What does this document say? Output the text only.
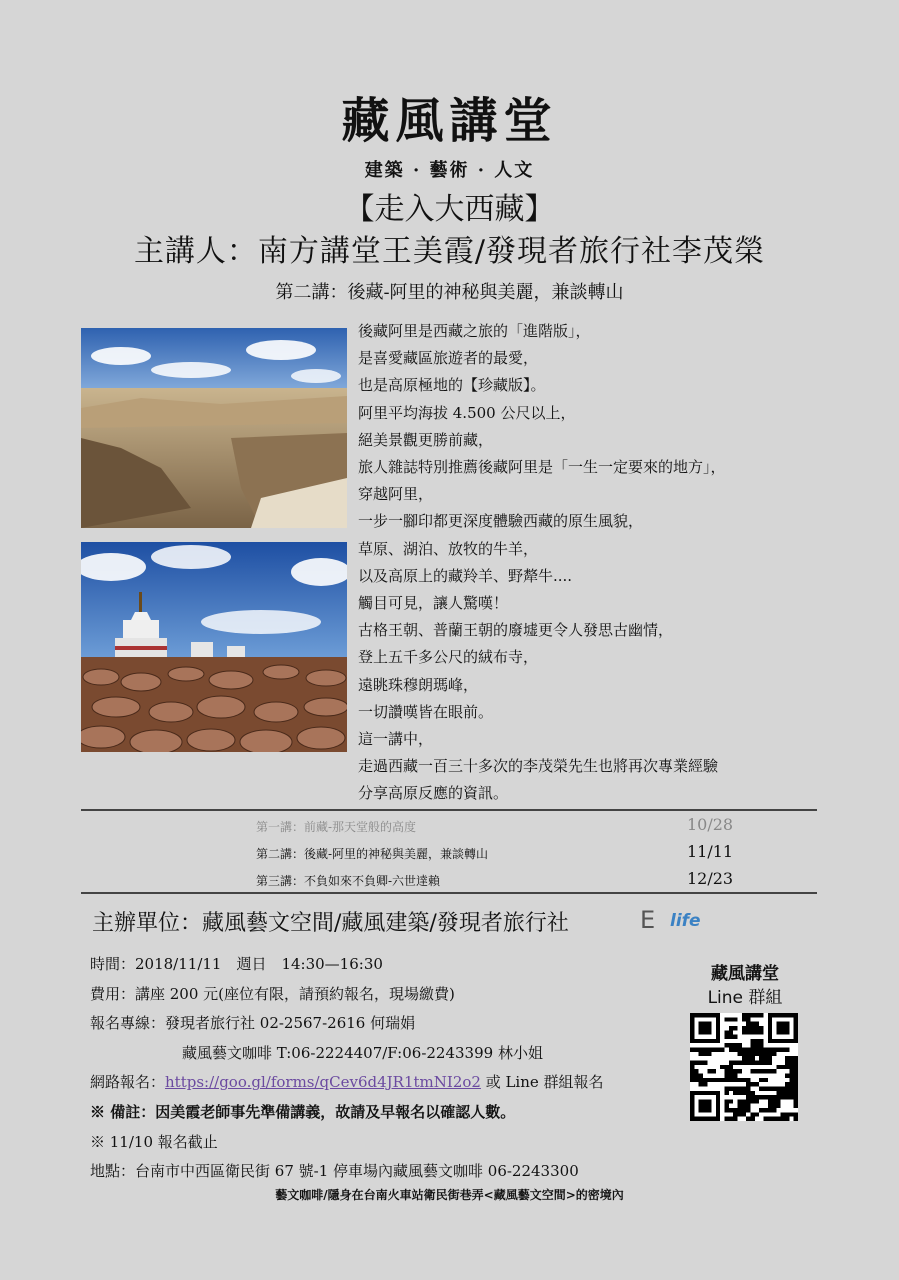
藏風講堂
建築 · 藝術 · 人文
【走入大西藏】
主講人：南方講堂王美霞/發現者旅行社李茂榮
第二講：後藏-阿里的神秘與美麗，兼談轉山
後藏阿里是西藏之旅的「進階版」，
是喜愛藏區旅遊者的最愛，
也是高原極地的【珍藏版】。
阿里平均海拔 4.500 公尺以上，
絕美景觀更勝前藏，
旅人雜誌特別推薦後藏阿里是「一生一定要來的地方」，
穿越阿里，
一步一腳印都更深度體驗西藏的原生風貌，
草原、湖泊、放牧的牛羊，
以及高原上的藏羚羊、野犛牛....
觸目可見，讓人驚嘆！
古格王朝、普蘭王朝的廢墟更令人發思古幽情，
登上五千多公尺的絨布寺，
遠眺珠穆朗瑪峰，
一切讚嘆皆在眼前。
這一講中，
走過西藏一百三十多次的李茂榮先生也將再次專業經驗
分享高原反應的資訊。
第一講：前藏-那天堂般的高度	10/28
第二講：後藏-阿里的神秘與美麗，兼談轉山	11/11
第三講：不負如來不負卿-六世達賴	12/23
主辦單位：藏風藝文空間/藏風建築/發現者旅行社	E life
時間：2018/11/11　週日　14:30—16:30
費用：講座 200 元(座位有限，請預約報名，現場繳費)
報名專線：發現者旅行社 02-2567-2616 何瑞娟
藏風藝文咖啡 T:06-2224407/F:06-2243399 林小姐
網路報名：https://goo.gl/forms/qCev6d4JR1tmNI2o2 或 Line 群組報名
※ 備註：因美霞老師事先準備講義，故請及早報名以確認人數。
※ 11/10 報名截止
地點：台南市中西區衛民街 67 號-1 停車場內藏風藝文咖啡 06-2243300
藏風講堂
Line 群組
藝文咖啡/隱身在台南火車站衛民街巷弄<藏風藝文空間>的密境內
